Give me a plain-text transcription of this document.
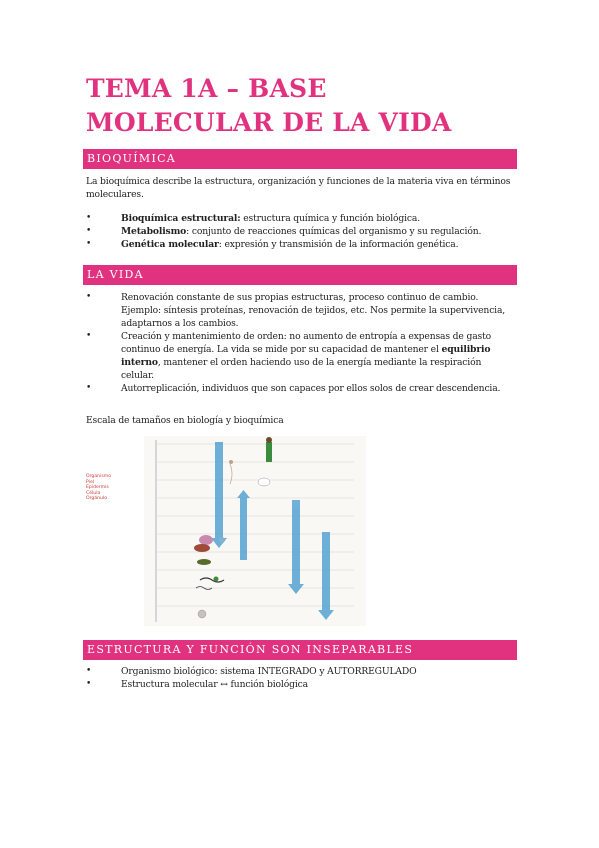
TEMA 1A – BASE
MOLECULAR DE LA VIDA
BIOQUÍMICA
La bioquímica describe la estructura, organización y funciones de la materia viva en términos moleculares.
•	Bioquímica estructural: estructura química y función biológica.
•	Metabolismo: conjunto de reacciones químicas del organismo y su regulación.
•	Genética molecular: expresión y transmisión de la información genética.
LA VIDA
•	Renovación constante de sus propias estructuras, proceso continuo de cambio. Ejemplo: síntesis proteínas, renovación de tejidos, etc. Nos permite la supervivencia, adaptarnos a los cambios.
•	Creación y mantenimiento de orden: no aumento de entropía a expensas de gasto continuo de energía. La vida se mide por su capacidad de mantener el equilibrio interno, mantener el orden haciendo uso de la energía mediante la respiración celular.
•	Autorreplicación, individuos que son capaces por ellos solos de crear descendencia.
Escala de tamaños en biología y bioquímica
Organismo
Piel
Epidermis
Célula
Orgánulo
ESTRUCTURA Y FUNCIÓN SON INSEPARABLES
•	Organismo biológico: sistema INTEGRADO y AUTORREGULADO
•	Estructura molecular ↔ función biológica
